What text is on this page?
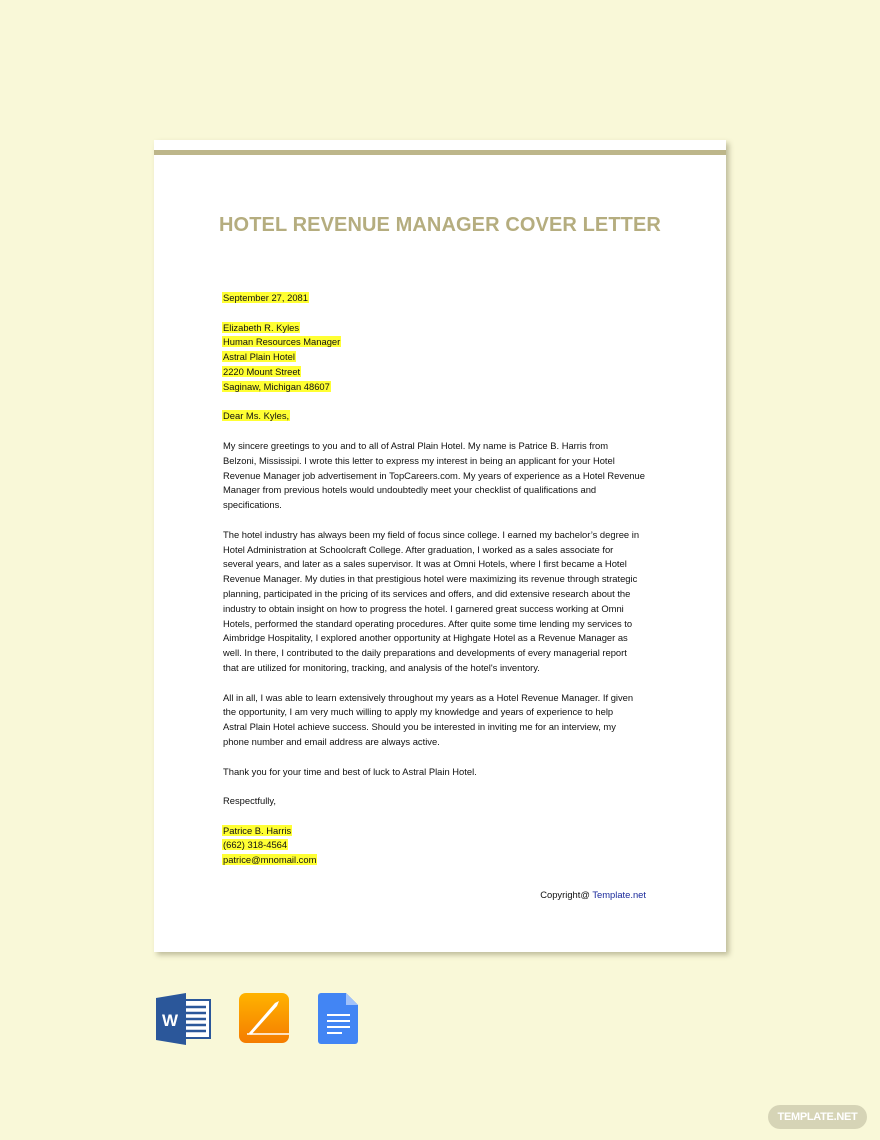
HOTEL REVENUE MANAGER COVER LETTER
September 27, 2081
Elizabeth R. Kyles
Human Resources Manager
Astral Plain Hotel
2220 Mount Street
Saginaw, Michigan 48607
Dear Ms. Kyles,
My sincere greetings to you and to all of Astral Plain Hotel. My name is Patrice B. Harris from
Belzoni, Mississipi. I wrote this letter to express my interest in being an applicant for your Hotel
Revenue Manager job advertisement in TopCareers.com. My years of experience as a Hotel Revenue
Manager from previous hotels would undoubtedly meet your checklist of qualifications and
specifications.
The hotel industry has always been my field of focus since college. I earned my bachelor’s degree in
Hotel Administration at Schoolcraft College. After graduation, I worked as a sales associate for
several years, and later as a sales supervisor. It was at Omni Hotels, where I first became a Hotel
Revenue Manager. My duties in that prestigious hotel were maximizing its revenue through strategic
planning, participated in the pricing of its services and offers, and did extensive research about the
industry to obtain insight on how to progress the hotel. I garnered great success working at Omni
Hotels, performed the standard operating procedures. After quite some time lending my services to
Aimbridge Hospitality, I explored another opportunity at Highgate Hotel as a Revenue Manager as
well. In there, I contributed to the daily preparations and developments of every managerial report
that are utilized for monitoring, tracking, and analysis of the hotel's inventory.
All in all, I was able to learn extensively throughout my years as a Hotel Revenue Manager. If given
the opportunity, I am very much willing to apply my knowledge and years of experience to help
Astral Plain Hotel achieve success. Should you be interested in inviting me for an interview, my
phone number and email address are always active.
Thank you for your time and best of luck to Astral Plain Hotel.
Respectfully,
Patrice B. Harris
(662) 318-4564
patrice@mnomail.com
Copyright@ Template.net
W
TEMPLATE.NET
